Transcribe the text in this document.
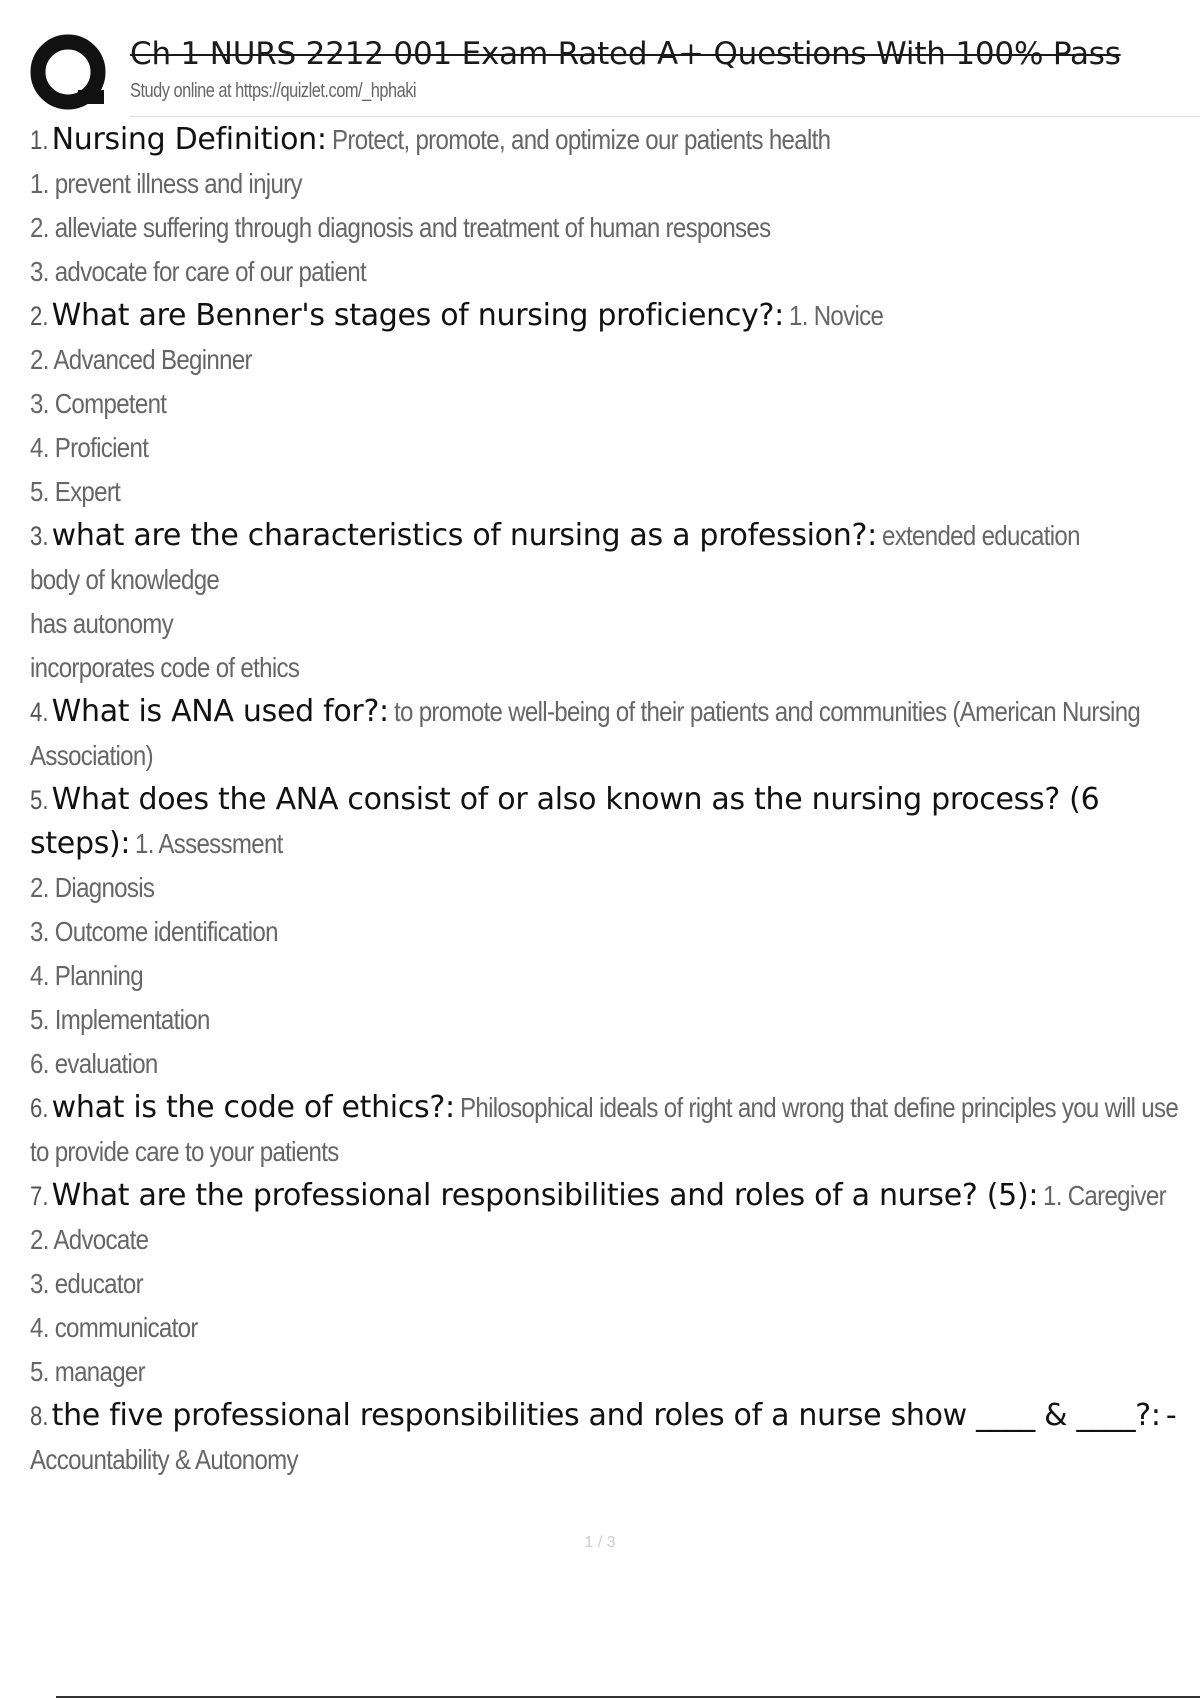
Ch 1 NURS 2212 001 Exam Rated A+ Questions With 100% Pass
Study online at https://quizlet.com/_hphaki
1. Nursing Definition: Protect, promote, and optimize our patients health
1. prevent illness and injury
2. alleviate suffering through diagnosis and treatment of human responses
3. advocate for care of our patient
2. What are Benner's stages of nursing proficiency?: 1. Novice
2. Advanced Beginner
3. Competent
4. Proficient
5. Expert
3. what are the characteristics of nursing as a profession?: extended education
body of knowledge
has autonomy
incorporates code of ethics
4. What is ANA used for?: to promote well-being of their patients and communities (American Nursing
Association)
5. What does the ANA consist of or also known as the nursing process? (6
steps): 1. Assessment
2. Diagnosis
3. Outcome identification
4. Planning
5. Implementation
6. evaluation
6. what is the code of ethics?: Philosophical ideals of right and wrong that define principles you will use
to provide care to your patients
7. What are the professional responsibilities and roles of a nurse? (5): 1. Caregiver
2. Advocate
3. educator
4. communicator
5. manager
8. the five professional responsibilities and roles of a nurse show ____ & ____?: -
Accountability & Autonomy
1 / 3
